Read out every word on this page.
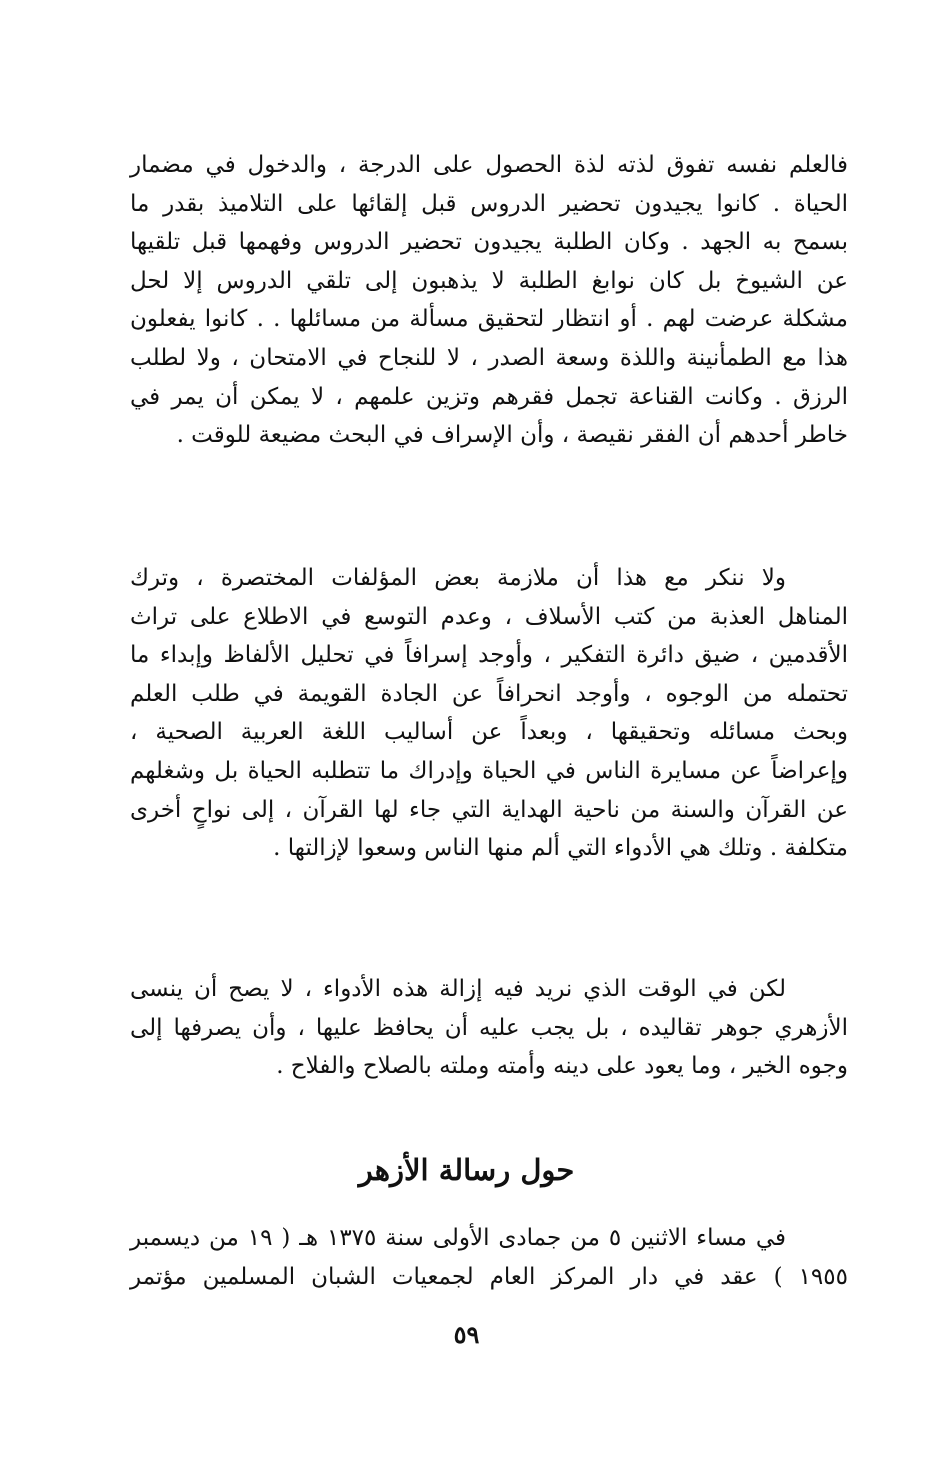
فالعلم نفسه تفوق لذته لذة الحصول على الدرجة ، والدخول في مضمار
الحياة . كانوا يجيدون تحضير الدروس قبل إلقائها على التلاميذ بقدر ما
بسمح به الجهد . وكان الطلبة يجيدون تحضير الدروس وفهمها قبل تلقيها
عن الشيوخ بل كان نوابغ الطلبة لا يذهبون إلى تلقي الدروس إلا لحل
مشكلة عرضت لهم . أو انتظار لتحقيق مسألة من مسائلها . . كانوا يفعلون
هذا مع الطمأنينة واللذة وسعة الصدر ، لا للنجاح في الامتحان ، ولا لطلب
الرزق . وكانت القناعة تجمل فقرهم وتزين علمهم ، لا يمكن أن يمر في
خاطر أحدهم أن الفقر نقيصة ، وأن الإسراف في البحث مضيعة للوقت .
ولا ننكر مع هذا أن ملازمة بعض المؤلفات المختصرة ، وترك
المناهل العذبة من كتب الأسلاف ، وعدم التوسع في الاطلاع على تراث
الأقدمين ، ضيق دائرة التفكير ، وأوجد إسرافاً في تحليل الألفاظ وإبداء ما
تحتمله من الوجوه ، وأوجد انحرافاً عن الجادة القويمة في طلب العلم
وبحث مسائله وتحقيقها ، وبعداً عن أساليب اللغة العربية الصحية ،
وإعراضاً عن مسايرة الناس في الحياة وإدراك ما تتطلبه الحياة بل وشغلهم
عن القرآن والسنة من ناحية الهداية التي جاء لها القرآن ، إلى نواحٍ أخرى
متكلفة . وتلك هي الأدواء التي ألم منها الناس وسعوا لإزالتها .
لكن في الوقت الذي نريد فيه إزالة هذه الأدواء ، لا يصح أن ينسى
الأزهري جوهر تقاليده ، بل يجب عليه أن يحافظ عليها ، وأن يصرفها إلى
وجوه الخير ، وما يعود على دينه وأمته وملته بالصلاح والفلاح .
حول رسالة الأزهر
في مساء الاثنين ٥ من جمادى الأولى سنة ١٣٧٥ هـ ( ١٩ من ديسمبر
١٩٥٥ ) عقد في دار المركز العام لجمعيات الشبان المسلمين مؤتمر
٥٩
